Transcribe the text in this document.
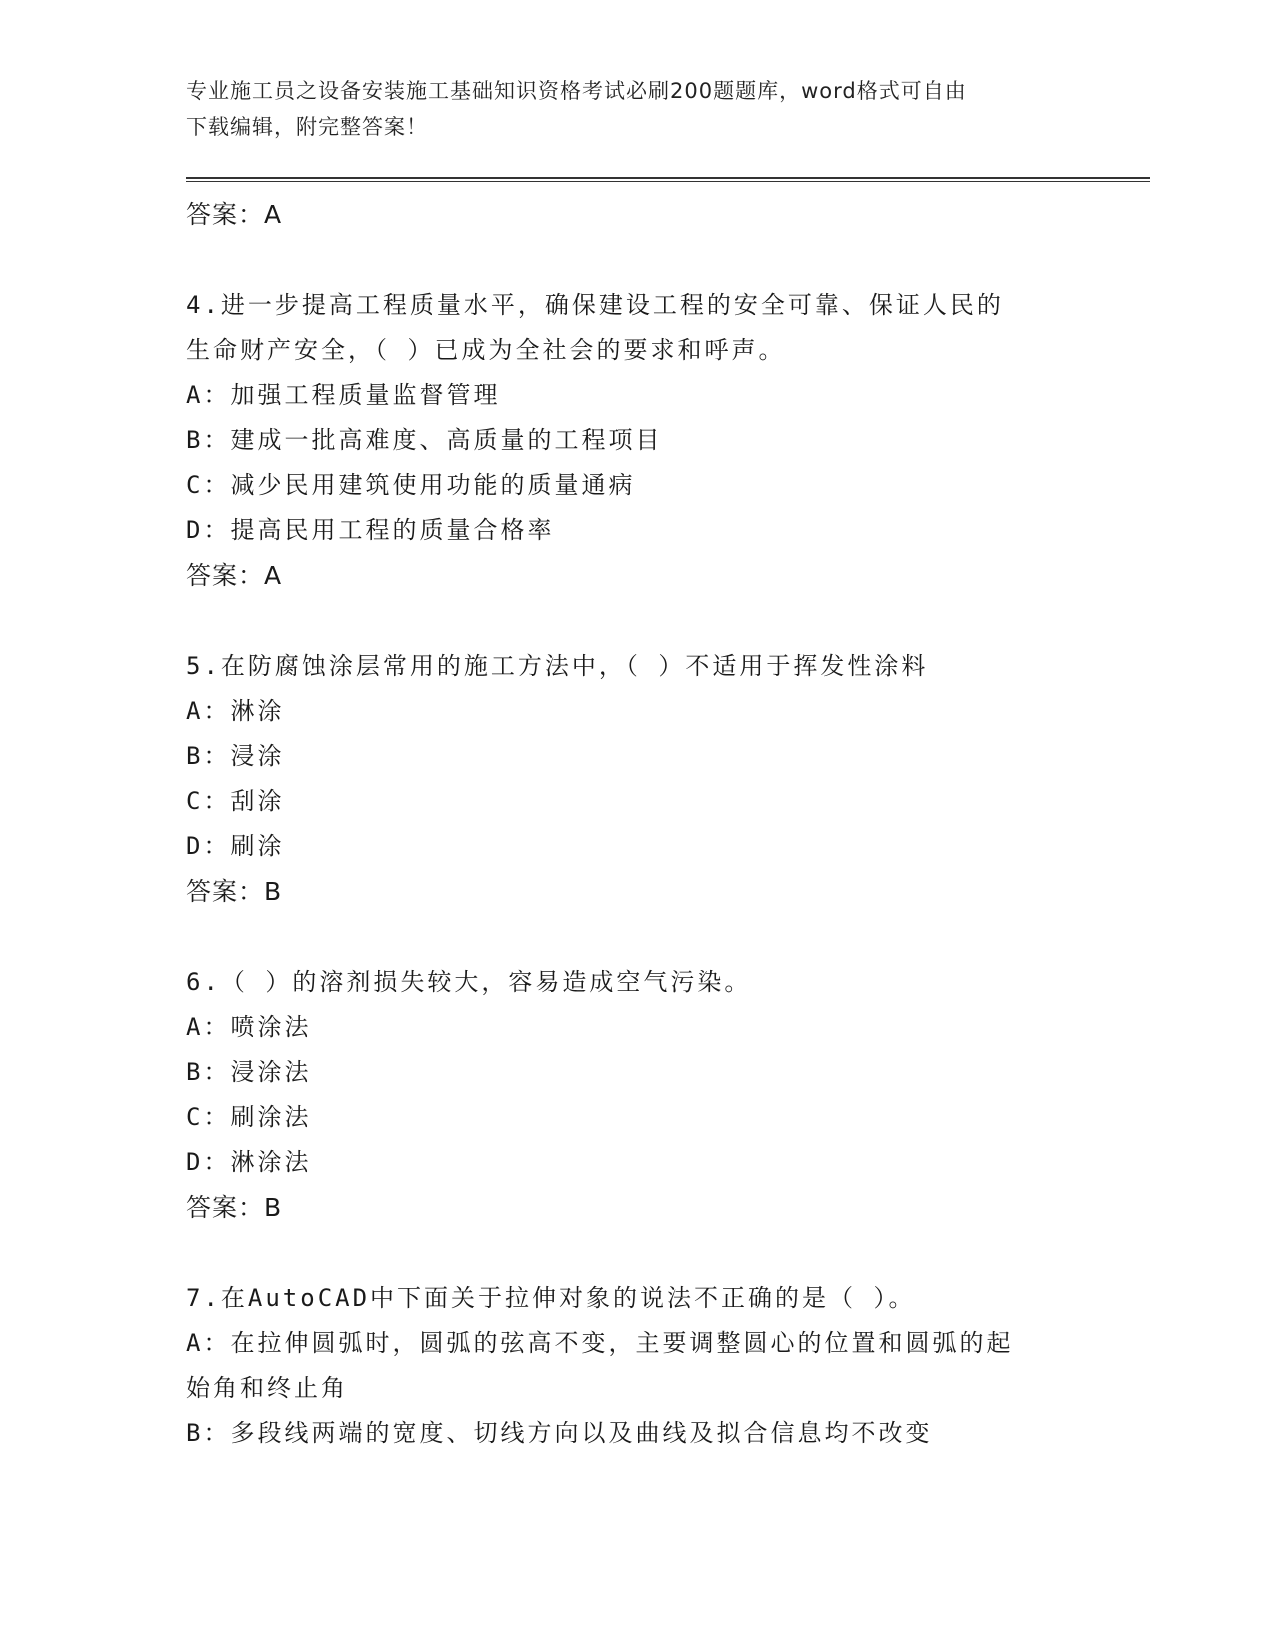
专业施工员之设备安装施工基础知识资格考试必刷200题题库，word格式可自由
下载编辑，附完整答案！
答案：A
4.进一步提高工程质量水平，确保建设工程的安全可靠、保证人民的
生命财产安全，（ ）已成为全社会的要求和呼声。
A：加强工程质量监督管理
B：建成一批高难度、高质量的工程项目
C：减少民用建筑使用功能的质量通病
D：提高民用工程的质量合格率
答案：A
5.在防腐蚀涂层常用的施工方法中，（ ）不适用于挥发性涂料
A：淋涂
B：浸涂
C：刮涂
D：刷涂
答案：B
6.（ ）的溶剂损失较大，容易造成空气污染。
A：喷涂法
B：浸涂法
C：刷涂法
D：淋涂法
答案：B
7.在AutoCAD中下面关于拉伸对象的说法不正确的是（ ）。
A：在拉伸圆弧时，圆弧的弦高不变，主要调整圆心的位置和圆弧的起
始角和终止角
B：多段线两端的宽度、切线方向以及曲线及拟合信息均不改变
